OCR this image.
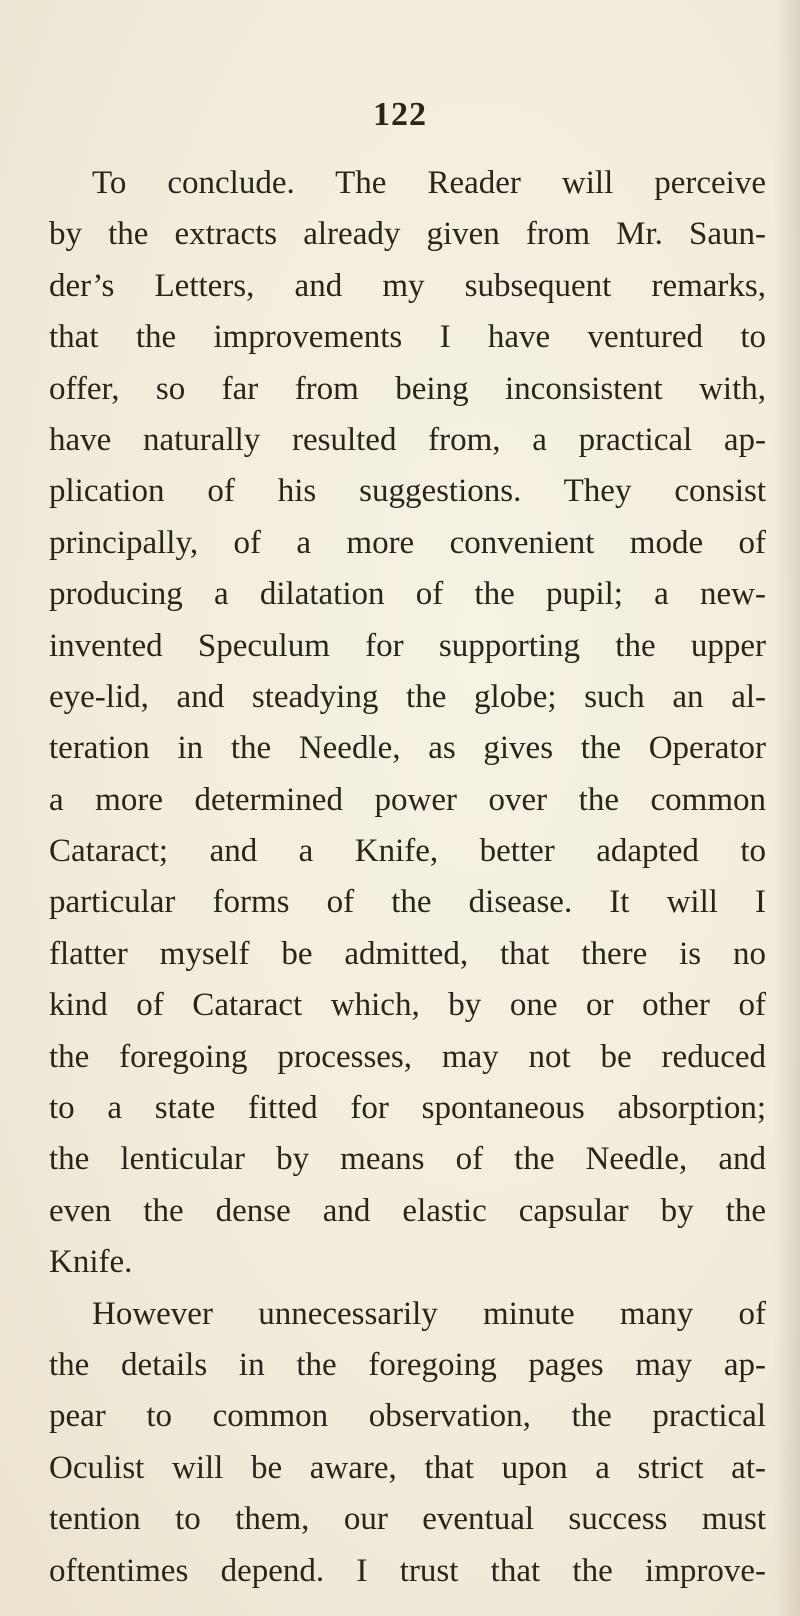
122

To conclude. The Reader will perceive
by the extracts already given from Mr. Saun-
der’s Letters, and my subsequent remarks,
that the improvements I have ventured to
offer, so far from being inconsistent with,
have naturally resulted from, a practical ap-
plication of his suggestions. They consist
principally, of a more convenient mode of
producing a dilatation of the pupil; a new-
invented Speculum for supporting the upper
eye-lid, and steadying the globe; such an al-
teration in the Needle, as gives the Operator
a more determined power over the common
Cataract; and a Knife, better adapted to
particular forms of the disease. It will I
flatter myself be admitted, that there is no
kind of Cataract which, by one or other of
the foregoing processes, may not be reduced
to a state fitted for spontaneous absorption;
the lenticular by means of the Needle, and
even the dense and elastic capsular by the
Knife.
However unnecessarily minute many of
the details in the foregoing pages may ap-
pear to common observation, the practical
Oculist will be aware, that upon a strict at-
tention to them, our eventual success must
oftentimes depend. I trust that the improve-
